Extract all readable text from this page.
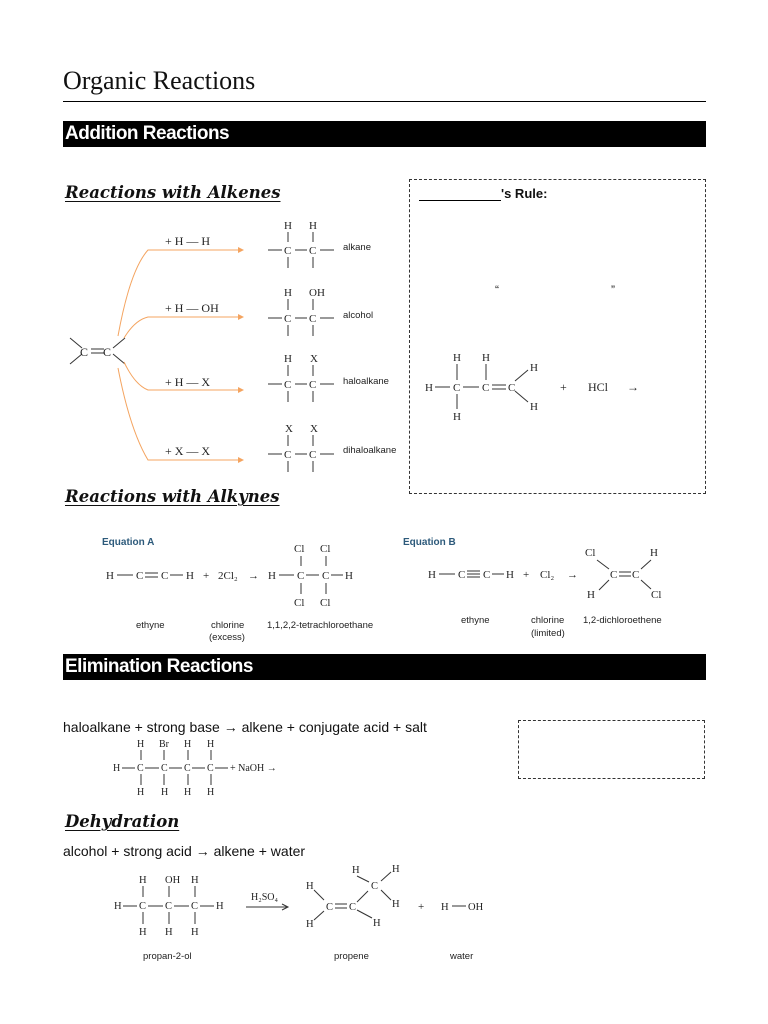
Organic Reactions
Addition Reactions
Reactions with Alkenes
Reactions with Alkynes
Dehydration
Elimination Reactions
's Rule:
“	”
haloalkane + strong base → alkene + conjugate acid + salt
alcohol + strong acid → alkene + water
C C
+ H — H
+ H — OH
+ H — X
+ X — X
H H
C C	alkane
H OH
C C	alcohol
H X
C C	haloalkane
X X
C C	dihaloalkane
H H
H C C C
H
H
H
+ HCl →
Equation A	Equation B
H C C H + 2Cl₂ →
Cl Cl
H C C H
Cl Cl
ethyne	chlorine
(excess)
1,1,2,2-tetrachloroethane
H C C H + Cl₂ →
Cl	H
C C
H	Cl
ethyne	chlorine
(limited)
1,2-dichloroethene
H Br H H
H C C C C
H H H H
+ NaOH →
H OH H
H C C C H
H H H
H₂SO₄
H
H
C
H
H
C C
H	H
+ H OH
propan-2-ol	propene	water
